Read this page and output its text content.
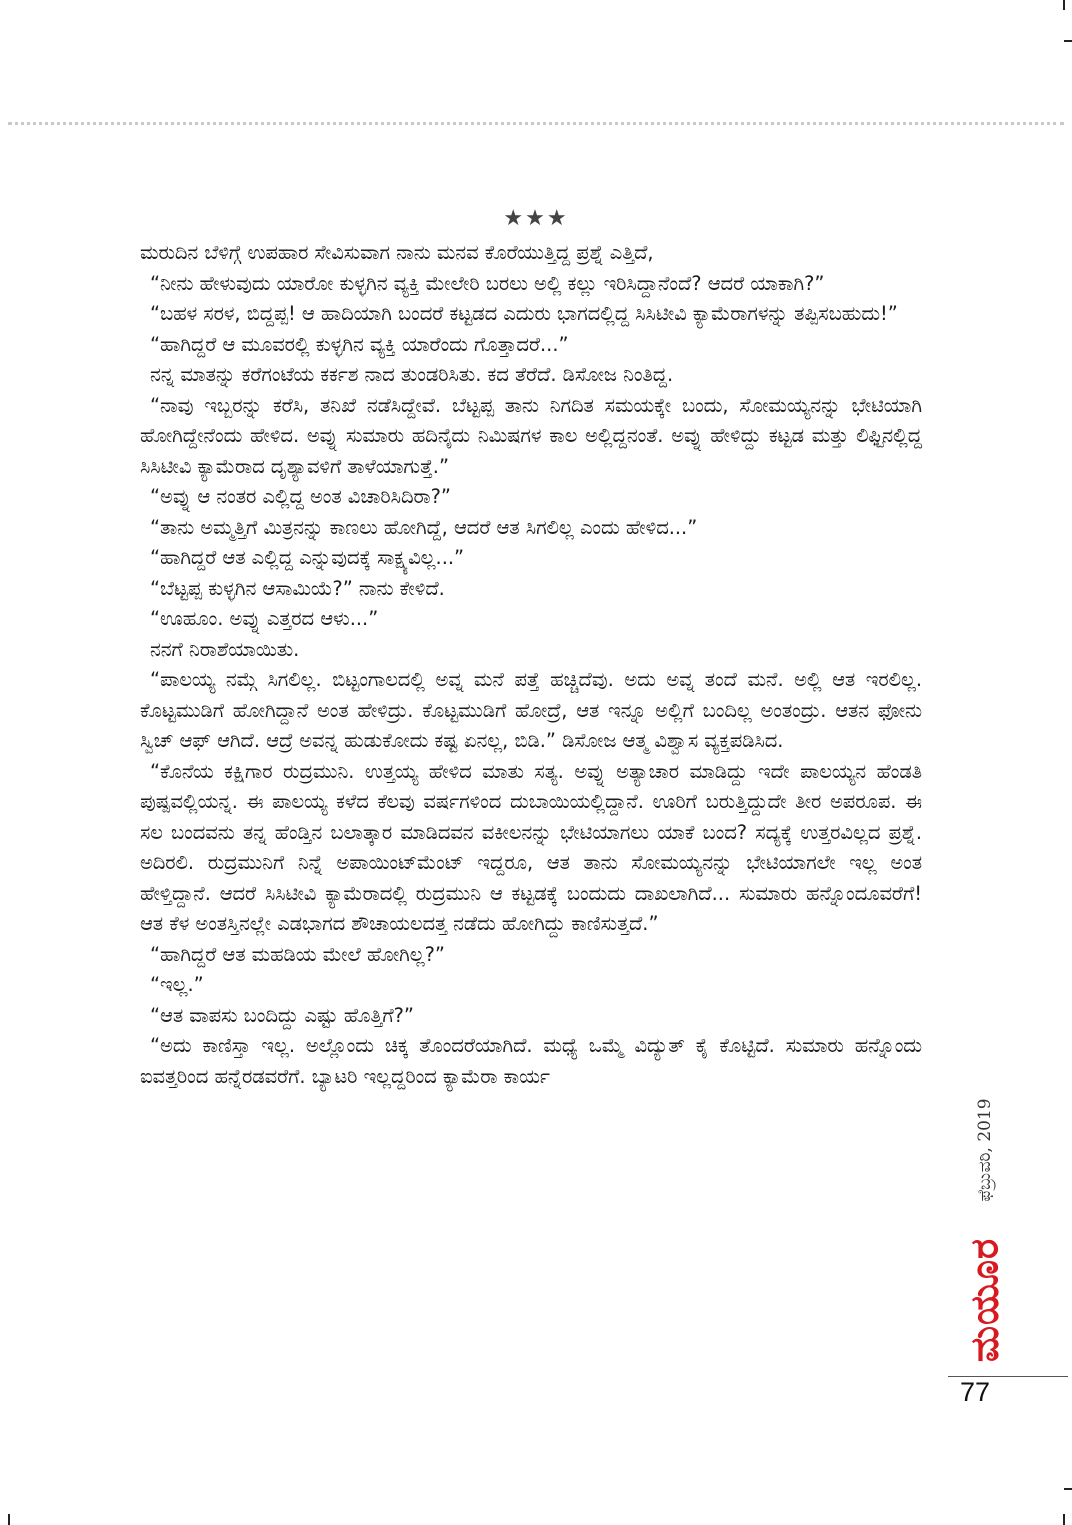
★★★

ಮರುದಿನ ಬೆಳಿಗ್ಗೆ ಉಪಹಾರ ಸೇವಿಸುವಾಗ ನಾನು ಮನವ ಕೊರೆಯುತ್ತಿದ್ದ ಪ್ರಶ್ನೆ ಎತ್ತಿದೆ,

“ನೀನು ಹೇಳುವುದು ಯಾರೋ ಕುಳ್ಳಗಿನ ವ್ಯಕ್ತಿ ಮೇಲೇರಿ ಬರಲು ಅಲ್ಲಿ ಕಲ್ಲು ಇರಿಸಿದ್ದಾನೆಂದೆ? ಆದರೆ ಯಾಕಾಗಿ?”

“ಬಹಳ ಸರಳ, ಬಿದ್ದಪ್ಪ! ಆ ಹಾದಿಯಾಗಿ ಬಂದರೆ ಕಟ್ಟಡದ ಎದುರು ಭಾಗದಲ್ಲಿದ್ದ ಸಿಸಿಟೀವಿ ಕ್ಯಾಮೆರಾಗಳನ್ನು ತಪ್ಪಿಸಬಹುದು!”

“ಹಾಗಿದ್ದರೆ ಆ ಮೂವರಲ್ಲಿ ಕುಳ್ಳಗಿನ ವ್ಯಕ್ತಿ ಯಾರೆಂದು ಗೊತ್ತಾದರೆ...”

ನನ್ನ ಮಾತನ್ನು ಕರೆಗಂಟೆಯ ಕರ್ಕಶ ನಾದ ತುಂಡರಿಸಿತು. ಕದ ತೆರೆದೆ. ಡಿಸೋಜ ನಿಂತಿದ್ದ.

“ನಾವು ಇಬ್ಬರನ್ನು ಕರೆಸಿ, ತನಿಖೆ ನಡೆಸಿದ್ದೇವೆ. ಬೆಟ್ಟಪ್ಪ ತಾನು ನಿಗದಿತ ಸಮಯಕ್ಕೇ ಬಂದು, ಸೋಮಯ್ಯನನ್ನು ಭೇಟಿಯಾಗಿ ಹೋಗಿದ್ದೇನೆಂದು ಹೇಳಿದ. ಅವ್ನು ಸುಮಾರು ಹದಿನೈದು ನಿಮಿಷಗಳ ಕಾಲ ಅಲ್ಲಿದ್ದನಂತೆ. ಅವ್ನು ಹೇಳಿದ್ದು ಕಟ್ಟಡ ಮತ್ತು ಲಿಫ್ಟಿನಲ್ಲಿದ್ದ ಸಿಸಿಟೀವಿ ಕ್ಯಾಮೆರಾದ ದೃಶ್ಯಾವಳಿಗೆ ತಾಳೆಯಾಗುತ್ತೆ.”

“ಅವ್ನು ಆ ನಂತರ ಎಲ್ಲಿದ್ದ ಅಂತ ವಿಚಾರಿಸಿದಿರಾ?”

“ತಾನು ಅಮ್ಮತ್ತಿಗೆ ಮಿತ್ರನನ್ನು ಕಾಣಲು ಹೋಗಿದ್ದೆ, ಆದರೆ ಆತ ಸಿಗಲಿಲ್ಲ ಎಂದು ಹೇಳಿದ...”

“ಹಾಗಿದ್ದರೆ ಆತ ಎಲ್ಲಿದ್ದ ಎನ್ನುವುದಕ್ಕೆ ಸಾಕ್ಷ್ಯವಿಲ್ಲ...”

“ಬೆಟ್ಟಪ್ಪ ಕುಳ್ಳಗಿನ ಆಸಾಮಿಯೆ?” ನಾನು ಕೇಳಿದೆ.

“ಊಹೂಂ. ಅವ್ನು ಎತ್ತರದ ಆಳು...”

ನನಗೆ ನಿರಾಶೆಯಾಯಿತು.

“ಪಾಲಯ್ಯ ನಮ್ಗೆ ಸಿಗಲಿಲ್ಲ. ಬಿಟ್ಟಂಗಾಲದಲ್ಲಿ ಅವ್ನ ಮನೆ ಪತ್ತೆ ಹಚ್ಚಿದೆವು. ಅದು ಅವ್ನ ತಂದೆ ಮನೆ. ಅಲ್ಲಿ ಆತ ಇರಲಿಲ್ಲ. ಕೊಟ್ಟಮುಡಿಗೆ ಹೋಗಿದ್ದಾನೆ ಅಂತ ಹೇಳಿದ್ರು. ಕೊಟ್ಟಮುಡಿಗೆ ಹೋದ್ರೆ, ಆತ ಇನ್ನೂ ಅಲ್ಲಿಗೆ ಬಂದಿಲ್ಲ ಅಂತಂದ್ರು. ಆತನ ಫೋನು ಸ್ವಿಚ್ ಆಫ್ ಆಗಿದೆ. ಆದ್ರೆ ಅವನ್ನ ಹುಡುಕೋದು ಕಷ್ಟ ಏನಲ್ಲ, ಬಿಡಿ.” ಡಿಸೋಜ ಆತ್ಮ ವಿಶ್ವಾಸ ವ್ಯಕ್ತಪಡಿಸಿದ.

“ಕೊನೆಯ ಕಕ್ಷಿಗಾರ ರುದ್ರಮುನಿ. ಉತ್ತಯ್ಯ ಹೇಳಿದ ಮಾತು ಸತ್ಯ. ಅವ್ನು ಅತ್ಯಾಚಾರ ಮಾಡಿದ್ದು ಇದೇ ಪಾಲಯ್ಯನ ಹೆಂಡತಿ ಪುಷ್ಪವಲ್ಲಿಯನ್ನ. ಈ ಪಾಲಯ್ಯ ಕಳೆದ ಕೆಲವು ವರ್ಷಗಳಿಂದ ದುಬಾಯಿಯಲ್ಲಿದ್ದಾನೆ. ಊರಿಗೆ ಬರುತ್ತಿದ್ದುದೇ ತೀರ ಅಪರೂಪ. ಈ ಸಲ ಬಂದವನು ತನ್ನ ಹೆಂಡ್ತಿನ ಬಲಾತ್ಕಾರ ಮಾಡಿದವನ ವಕೀಲನನ್ನು ಭೇಟಿಯಾಗಲು ಯಾಕೆ ಬಂದ? ಸದ್ಯಕ್ಕೆ ಉತ್ತರವಿಲ್ಲದ ಪ್ರಶ್ನೆ. ಅದಿರಲಿ. ರುದ್ರಮುನಿಗೆ ನಿನ್ನೆ ಅಪಾಯಿಂಟ್‌ಮೆಂಟ್ ಇದ್ದರೂ, ಆತ ತಾನು ಸೋಮಯ್ಯನನ್ನು ಭೇಟಿಯಾಗಲೇ ಇಲ್ಲ ಅಂತ ಹೇಳ್ತಿದ್ದಾನೆ. ಆದರೆ ಸಿಸಿಟೀವಿ ಕ್ಯಾಮೆರಾದಲ್ಲಿ ರುದ್ರಮುನಿ ಆ ಕಟ್ಟಡಕ್ಕೆ ಬಂದುದು ದಾಖಲಾಗಿದೆ... ಸುಮಾರು ಹನ್ನೊಂದೂವರೆಗೆ! ಆತ ಕೆಳ ಅಂತಸ್ತಿನಲ್ಲೇ ಎಡಭಾಗದ ಶೌಚಾಯಲದತ್ತ ನಡೆದು ಹೋಗಿದ್ದು ಕಾಣಿಸುತ್ತದೆ.”

“ಹಾಗಿದ್ದರೆ ಆತ ಮಹಡಿಯ ಮೇಲೆ ಹೋಗಿಲ್ಲ?”

“ಇಲ್ಲ.”

“ಆತ ವಾಪಸು ಬಂದಿದ್ದು ಎಷ್ಟು ಹೊತ್ತಿಗೆ?”

“ಅದು ಕಾಣಿಸ್ತಾ ಇಲ್ಲ. ಅಲ್ಲೊಂದು ಚಿಕ್ಕ ತೊಂದರೆಯಾಗಿದೆ. ಮಧ್ಯೆ ಒಮ್ಮೆ ವಿದ್ಯುತ್ ಕೈ ಕೊಟ್ಟಿದೆ. ಸುಮಾರು ಹನ್ನೊಂದು ಐವತ್ತರಿಂದ ಹನ್ನೆರಡವರೆಗೆ. ಬ್ಯಾಟರಿ ಇಲ್ಲದ್ದರಿಂದ ಕ್ಯಾಮೆರಾ ಕಾರ್ಯ

ಫೆಬ್ರುವರಿ, 2019
ಮಯೂರ
77
